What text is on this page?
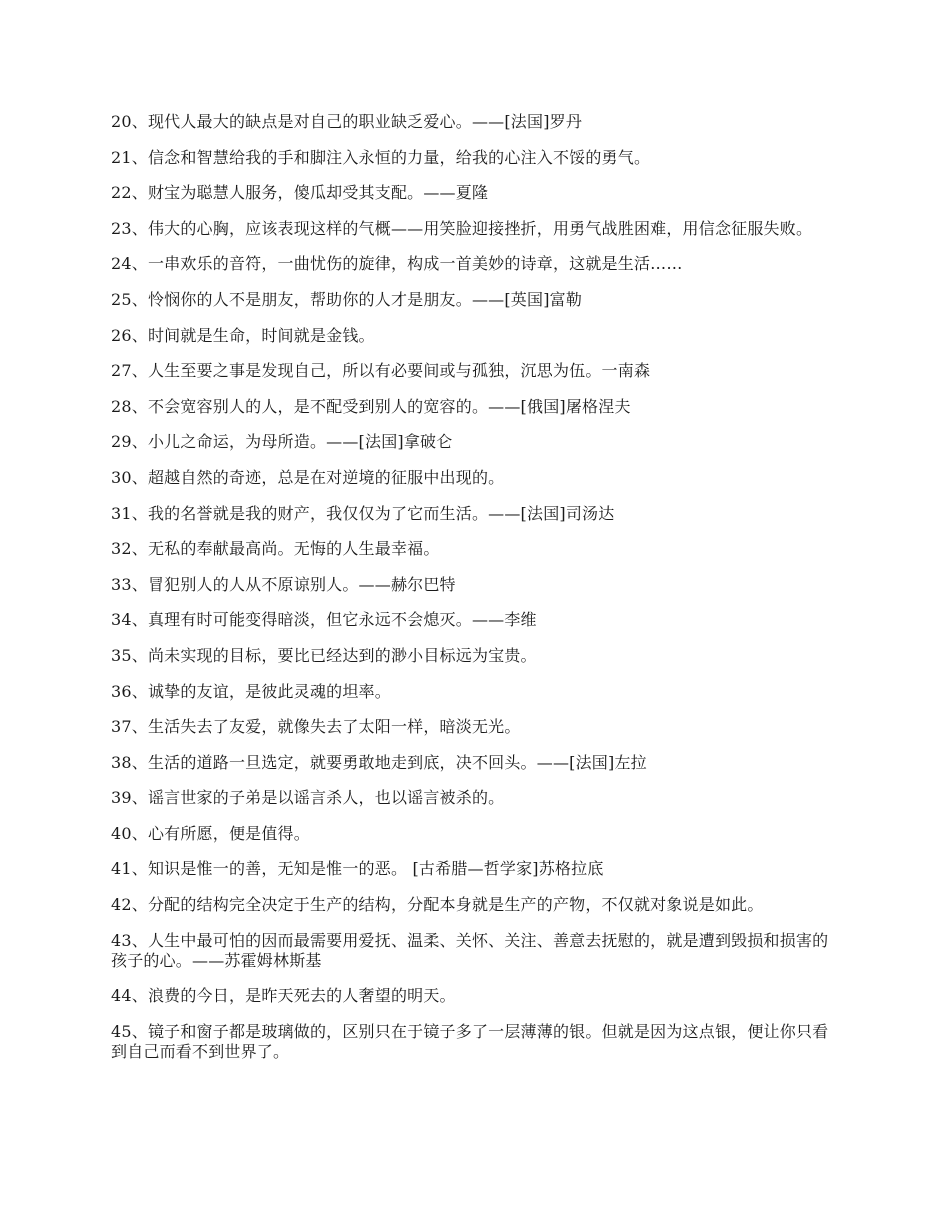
20、现代人最大的缺点是对自己的职业缺乏爱心。——[法国]罗丹

21、信念和智慧给我的手和脚注入永恒的力量，给我的心注入不馁的勇气。

22、财宝为聪慧人服务，傻瓜却受其支配。——夏隆

23、伟大的心胸，应该表现这样的气概——用笑脸迎接挫折，用勇气战胜困难，用信念征服失败。

24、一串欢乐的音符，一曲忧伤的旋律，构成一首美妙的诗章，这就是生活……

25、怜悯你的人不是朋友，帮助你的人才是朋友。——[英国]富勒

26、时间就是生命，时间就是金钱。

27、人生至要之事是发现自己，所以有必要间或与孤独，沉思为伍。一南森

28、不会宽容别人的人，是不配受到别人的宽容的。——[俄国]屠格涅夫

29、小儿之命运，为母所造。——[法国]拿破仑

30、超越自然的奇迹，总是在对逆境的征服中出现的。

31、我的名誉就是我的财产，我仅仅为了它而生活。——[法国]司汤达

32、无私的奉献最高尚。无悔的人生最幸福。

33、冒犯别人的人从不原谅别人。——赫尔巴特

34、真理有时可能变得暗淡，但它永远不会熄灭。——李维

35、尚未实现的目标，要比已经达到的渺小目标远为宝贵。

36、诚挚的友谊，是彼此灵魂的坦率。

37、生活失去了友爱，就像失去了太阳一样，暗淡无光。

38、生活的道路一旦选定，就要勇敢地走到底，决不回头。——[法国]左拉

39、谣言世家的子弟是以谣言杀人，也以谣言被杀的。

40、心有所愿，便是值得。

41、知识是惟一的善，无知是惟一的恶。 [古希腊—哲学家]苏格拉底

42、分配的结构完全决定于生产的结构，分配本身就是生产的产物，不仅就对象说是如此。

43、人生中最可怕的因而最需要用爱抚、温柔、关怀、关注、善意去抚慰的，就是遭到毁损和损害的孩子的心。——苏霍姆林斯基

44、浪费的今日，是昨天死去的人奢望的明天。

45、镜子和窗子都是玻璃做的，区别只在于镜子多了一层薄薄的银。但就是因为这点银，便让你只看到自己而看不到世界了。
